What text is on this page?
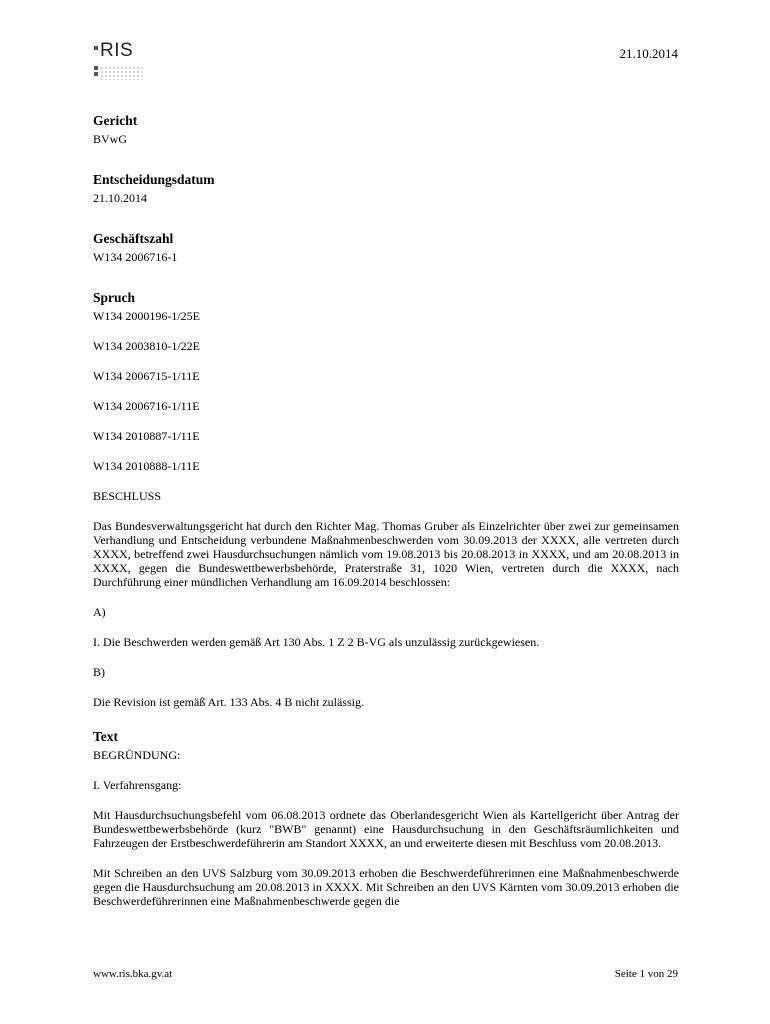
RIS	21.10.2014

Gericht

BVwG

Entscheidungsdatum

21.10.2014

Geschäftszahl

W134 2006716-1

Spruch

W134 2000196-1/25E

W134 2003810-1/22E

W134 2006715-1/11E

W134 2006716-1/11E

W134 2010887-1/11E

W134 2010888-1/11E

BESCHLUSS

Das Bundesverwaltungsgericht hat durch den Richter Mag. Thomas Gruber als Einzelrichter über zwei zur gemeinsamen Verhandlung und Entscheidung verbundene Maßnahmenbeschwerden vom 30.09.2013 der XXXX, alle vertreten durch XXXX, betreffend zwei Hausdurchsuchungen nämlich vom 19.08.2013 bis 20.08.2013 in XXXX, und am 20.08.2013 in XXXX, gegen die Bundeswettbewerbsbehörde, Praterstraße 31, 1020 Wien, vertreten durch die XXXX, nach Durchführung einer mündlichen Verhandlung am 16.09.2014 beschlossen:

A)

I. Die Beschwerden werden gemäß Art 130 Abs. 1 Z 2 B-VG als unzulässig zurückgewiesen.

B)

Die Revision ist gemäß Art. 133 Abs. 4 B nicht zulässig.

Text

BEGRÜNDUNG:

I. Verfahrensgang:

Mit Hausdurchsuchungsbefehl vom 06.08.2013 ordnete das Oberlandesgericht Wien als Kartellgericht über Antrag der Bundeswettbewerbsbehörde (kurz "BWB" genannt) eine Hausdurchsuchung in den Geschäftsräumlichkeiten und Fahrzeugen der Erstbeschwerdeführerin am Standort XXXX, an und erweiterte diesen mit Beschluss vom 20.08.2013.

Mit Schreiben an den UVS Salzburg vom 30.09.2013 erhoben die Beschwerdeführerinnen eine Maßnahmenbeschwerde gegen die Hausdurchsuchung am 20.08.2013 in XXXX. Mit Schreiben an den UVS Kärnten vom 30.09.2013 erhoben die Beschwerdeführerinnen eine Maßnahmenbeschwerde gegen die

www.ris.bka.gv.at	Seite 1 von 29
